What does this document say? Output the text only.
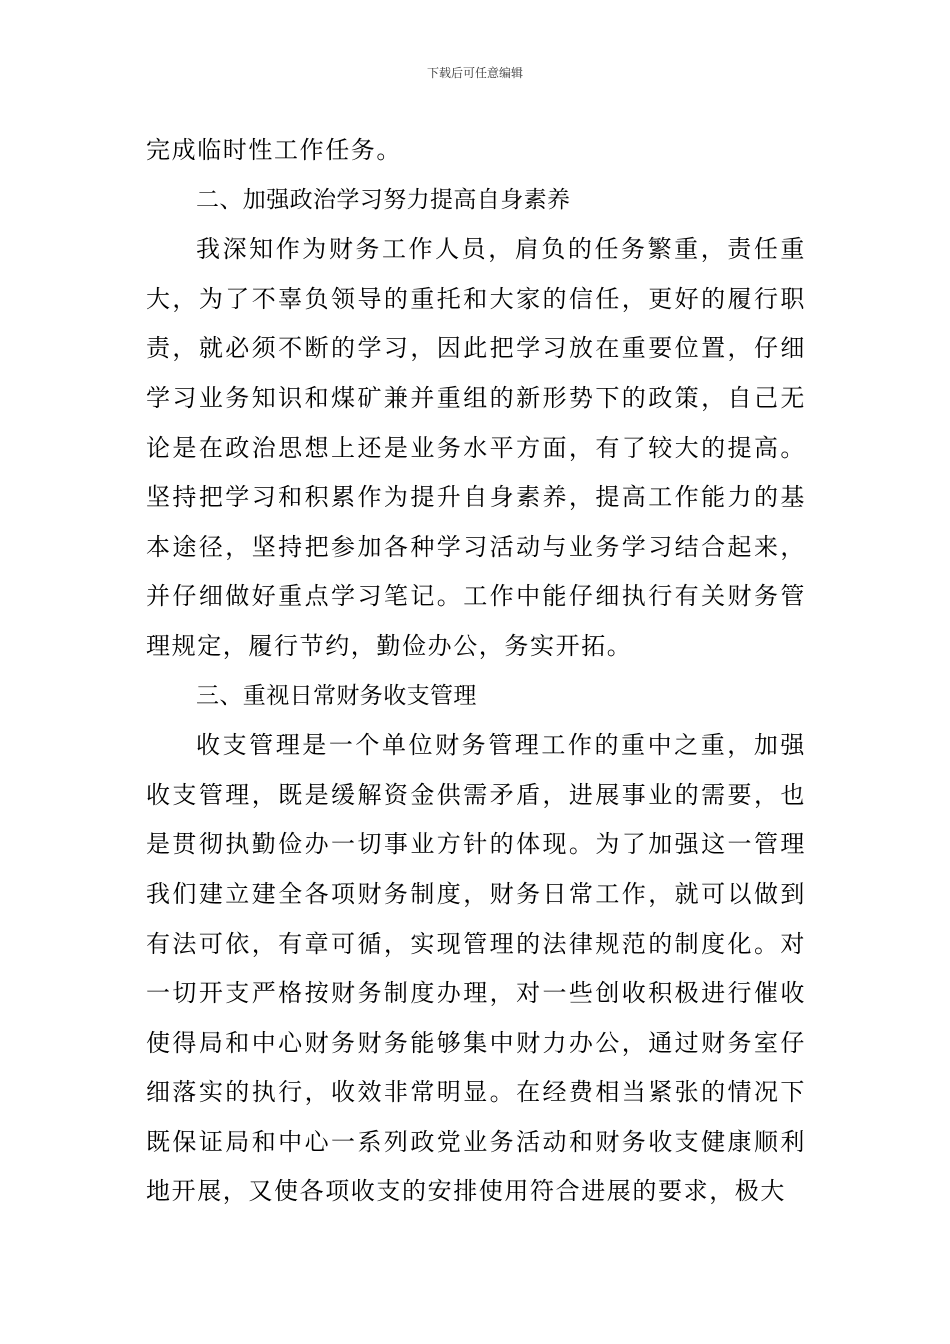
下载后可任意编辑

完成临时性工作任务。

二、加强政治学习努力提高自身素养

我深知作为财务工作人员，肩负的任务繁重，责任重大，为了不辜负领导的重托和大家的信任，更好的履行职责，就必须不断的学习，因此把学习放在重要位置，仔细学习业务知识和煤矿兼并重组的新形势下的政策，自己无论是在政治思想上还是业务水平方面，有了较大的提高。坚持把学习和积累作为提升自身素养，提高工作能力的基本途径，坚持把参加各种学习活动与业务学习结合起来，并仔细做好重点学习笔记。工作中能仔细执行有关财务管理规定，履行节约，勤俭办公，务实开拓。

三、重视日常财务收支管理

收支管理是一个单位财务管理工作的重中之重，加强收支管理，既是缓解资金供需矛盾，进展事业的需要，也是贯彻执勤俭办一切事业方针的体现。为了加强这一管理我们建立建全各项财务制度，财务日常工作，就可以做到有法可依，有章可循，实现管理的法律规范的制度化。对一切开支严格按财务制度办理，对一些创收积极进行催收使得局和中心财务财务能够集中财力办公，通过财务室仔细落实的执行，收效非常明显。在经费相当紧张的情况下既保证局和中心一系列政党业务活动和财务收支健康顺利地开展，又使各项收支的安排使用符合进展的要求，极大
